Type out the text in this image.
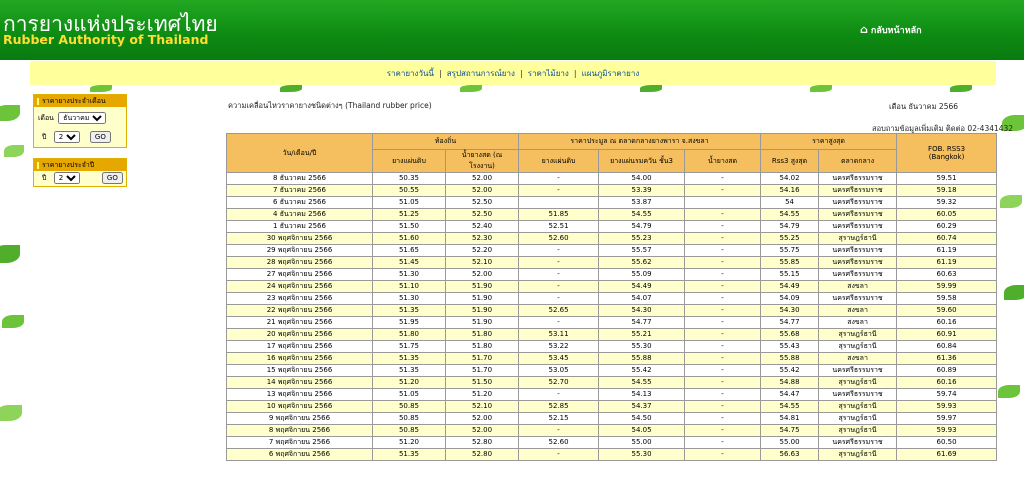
การยางแห่งประเทศไทย
Rubber Authority of Thailand
⌂ กลับหน้าหลัก
ราคายางวันนี้ | สรุปสถานการณ์ยาง | ราคาไม้ยาง | แผนภูมิราคายาง
ราคายางประจำเดือน
เดือน
ธันวาคม
ปี
2566	GO
ราคายางประจำปี
ปี
2566	GO
ความเคลื่อนไหวราคายางชนิดต่างๆ (Thailand rubber price)	เดือน ธันวาคม 2566
สอบถามข้อมูลเพิ่มเติม ติดต่อ 02-4341432
วัน/เดือน/ปี	ท้องถิ่น		ราคาประมูล ณ ตลาดกลางยางพารา จ.สงขลา			ราคาสูงสุด		FOB. RSS3 (Bangkok)
	ยางแผ่นดิบ	น้ำยางสด (ณ โรงงาน)	ยางแผ่นดิบ	ยางแผ่นรมควัน ชั้น3	น้ำยางสด	Rss3 สูงสุด	ตลาดกลาง	
8 ธันวาคม 2566	50.35	52.00	-	54.00	-	54.02	นครศรีธรรมราช	59.51
7 ธันวาคม 2566	50.55	52.00	-	53.39	-	54.16	นครศรีธรรมราช	59.18
6 ธันวาคม 2566	51.05	52.50		53.87		54	นครศรีธรรมราช	59.32
4 ธันวาคม 2566	51.25	52.50	51.85	54.55	-	54.55	นครศรีธรรมราช	60.05
1 ธันวาคม 2566	51.50	52.40	52.51	54.79	-	54.79	นครศรีธรรมราช	60.29
30 พฤศจิกายน 2566	51.60	52.30	52.60	55.23	-	55.25	สุราษฎร์ธานี	60.74
29 พฤศจิกายน 2566	51.65	52.20	-	55.57	-	55.75	นครศรีธรรมราช	61.19
28 พฤศจิกายน 2566	51.45	52.10	-	55.62	-	55.85	นครศรีธรรมราช	61.19
27 พฤศจิกายน 2566	51.30	52.00	-	55.09	-	55.15	นครศรีธรรมราช	60.63
24 พฤศจิกายน 2566	51.10	51.90	-	54.49	-	54.49	สงขลา	59.99
23 พฤศจิกายน 2566	51.30	51.90	-	54.07	-	54.09	นครศรีธรรมราช	59.58
22 พฤศจิกายน 2566	51.35	51.90	52.65	54.30	-	54.30	สงขลา	59.60
21 พฤศจิกายน 2566	51.95	51.90	-	54.77	-	54.77	สงขลา	60.16
20 พฤศจิกายน 2566	51.80	51.80	53.11	55.21	-	55.68	สุราษฎร์ธานี	60.91
17 พฤศจิกายน 2566	51.75	51.80	53.22	55.30	-	55.43	สุราษฎร์ธานี	60.84
16 พฤศจิกายน 2566	51.35	51.70	53.45	55.88	-	55.88	สงขลา	61.36
15 พฤศจิกายน 2566	51.35	51.70	53.05	55.42	-	55.42	นครศรีธรรมราช	60.89
14 พฤศจิกายน 2566	51.20	51.50	52.70	54.55	-	54.88	สุราษฎร์ธานี	60.16
13 พฤศจิกายน 2566	51.05	51.20	-	54.13	-	54.47	นครศรีธรรมราช	59.74
10 พฤศจิกายน 2566	50.85	52.10	52.85	54.37	-	54.55	สุราษฎร์ธานี	59.93
9 พฤศจิกายน 2566	50.85	52.00	52.15	54.50	-	54.81	สุราษฎร์ธานี	59.97
8 พฤศจิกายน 2566	50.85	52.00	-	54.05	-	54.75	สุราษฎร์ธานี	59.93
7 พฤศจิกายน 2566	51.20	52.80	52.60	55.00	-	55.00	นครศรีธรรมราช	60.50
6 พฤศจิกายน 2566	51.35	52.80	-	55.30	-	56.63	สุราษฎร์ธานี	61.69
